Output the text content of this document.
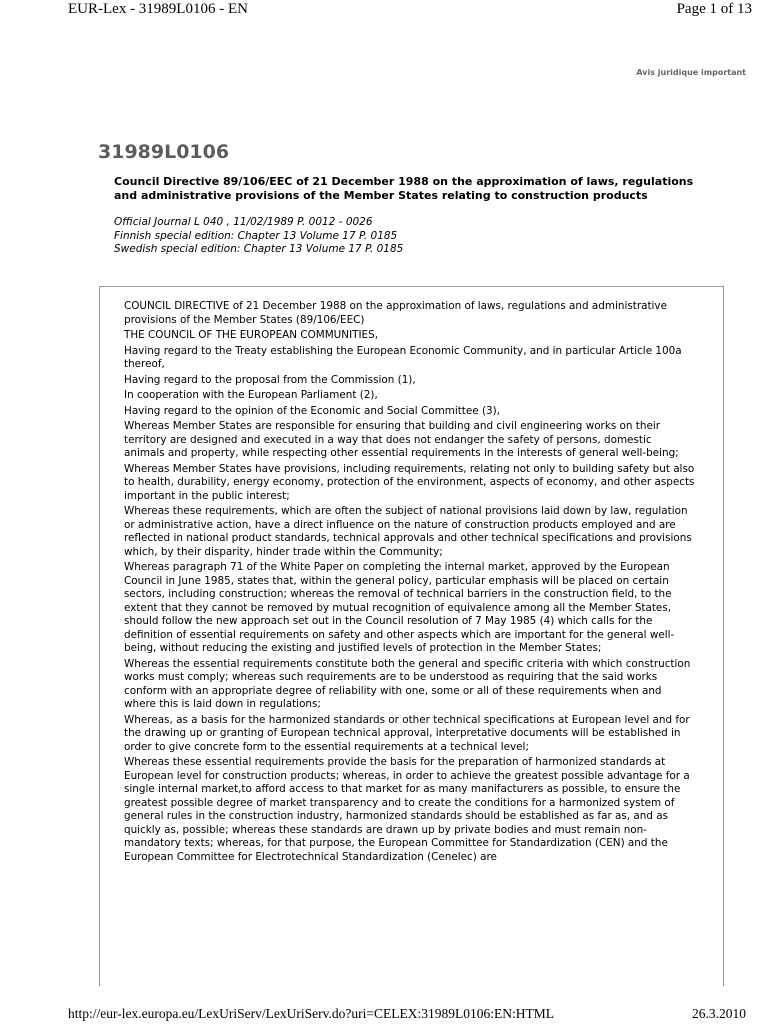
EUR-Lex - 31989L0106 - EN	Page 1 of 13
Avis juridique important
31989L0106
Council Directive 89/106/EEC of 21 December 1988 on the approximation of laws, regulations and administrative provisions of the Member States relating to construction products
Official Journal L 040 , 11/02/1989 P. 0012 - 0026
Finnish special edition: Chapter 13 Volume 17 P. 0185
Swedish special edition: Chapter 13 Volume 17 P. 0185

COUNCIL DIRECTIVE of 21 December 1988 on the approximation of laws, regulations and administrative provisions of the Member States (89/106/EEC)

THE COUNCIL OF THE EUROPEAN COMMUNITIES,

Having regard to the Treaty establishing the European Economic Community, and in particular Article 100a thereof,

Having regard to the proposal from the Commission (1),

In cooperation with the European Parliament (2),

Having regard to the opinion of the Economic and Social Committee (3),

Whereas Member States are responsible for ensuring that building and civil engineering works on their territory are designed and executed in a way that does not endanger the safety of persons, domestic animals and property, while respecting other essential requirements in the interests of general well-being;

Whereas Member States have provisions, including requirements, relating not only to building safety but also to health, durability, energy economy, protection of the environment, aspects of economy, and other aspects important in the public interest;

Whereas these requirements, which are often the subject of national provisions laid down by law, regulation or administrative action, have a direct influence on the nature of construction products employed and are reflected in national product standards, technical approvals and other technical specifications and provisions which, by their disparity, hinder trade within the Community;

Whereas paragraph 71 of the White Paper on completing the internal market, approved by the European Council in June 1985, states that, within the general policy, particular emphasis will be placed on certain sectors, including construction; whereas the removal of technical barriers in the construction field, to the extent that they cannot be removed by mutual recognition of equivalence among all the Member States, should follow the new approach set out in the Council resolution of 7 May 1985 (4) which calls for the definition of essential requirements on safety and other aspects which are important for the general well-being, without reducing the existing and justified levels of protection in the Member States;

Whereas the essential requirements constitute both the general and specific criteria with which construction works must comply; whereas such requirements are to be understood as requiring that the said works conform with an appropriate degree of reliability with one, some or all of these requirements when and where this is laid down in regulations;

Whereas, as a basis for the harmonized standards or other technical specifications at European level and for the drawing up or granting of European technical approval, interpretative documents will be established in order to give concrete form to the essential requirements at a technical level;

Whereas these essential requirements provide the basis for the preparation of harmonized standards at European level for construction products; whereas, in order to achieve the greatest possible advantage for a single internal market,to afford access to that market for as many manifacturers as possible, to ensure the greatest possible degree of market transparency and to create the conditions for a harmonized system of general rules in the construction industry, harmonized standards should be established as far as, and as quickly as, possible; whereas these standards are drawn up by private bodies and must remain non-mandatory texts; whereas, for that purpose, the European Committee for Standardization (CEN) and the European Committee for Electrotechnical Standardization (Cenelec) are

http://eur-lex.europa.eu/LexUriServ/LexUriServ.do?uri=CELEX:31989L0106:EN:HTML	26.3.2010
